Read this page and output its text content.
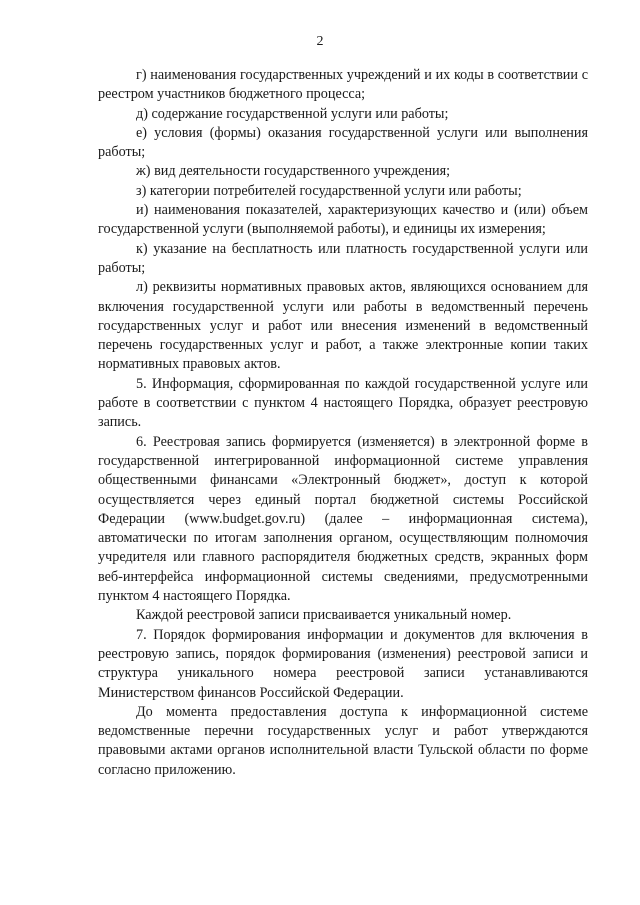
2

г) наименования государственных учреждений и их коды в соответствии с реестром участников бюджетного процесса;

д) содержание государственной услуги или работы;

е) условия (формы) оказания государственной услуги или выполнения работы;

ж) вид деятельности государственного учреждения;

з) категории потребителей государственной услуги или работы;

и) наименования показателей, характеризующих качество и (или) объем государственной услуги (выполняемой работы), и единицы их измерения;

к) указание на бесплатность или платность государственной услуги или работы;

л) реквизиты нормативных правовых актов, являющихся основанием для включения государственной услуги или работы в ведомственный перечень государственных услуг и работ или внесения изменений в ведомственный перечень государственных услуг и работ, а также электронные копии таких нормативных правовых актов.

5. Информация, сформированная по каждой государственной услуге или работе в соответствии с пунктом 4 настоящего Порядка, образует реестровую запись.

6. Реестровая запись формируется (изменяется) в электронной форме в государственной интегрированной информационной системе управления общественными финансами «Электронный бюджет», доступ к которой осуществляется через единый портал бюджетной системы Российской Федерации (www.budget.gov.ru) (далее – информационная система), автоматически по итогам заполнения органом, осуществляющим полномочия учредителя или главного распорядителя бюджетных средств, экранных форм веб-интерфейса информационной системы сведениями, предусмотренными пунктом 4 настоящего Порядка.

Каждой реестровой записи присваивается уникальный номер.

7. Порядок формирования информации и документов для включения в реестровую запись, порядок формирования (изменения) реестровой записи и структура уникального номера реестровой записи устанавливаются Министерством финансов Российской Федерации.

До момента предоставления доступа к информационной системе ведомственные перечни государственных услуг и работ утверждаются правовыми актами органов исполнительной власти Тульской области по форме согласно приложению.
